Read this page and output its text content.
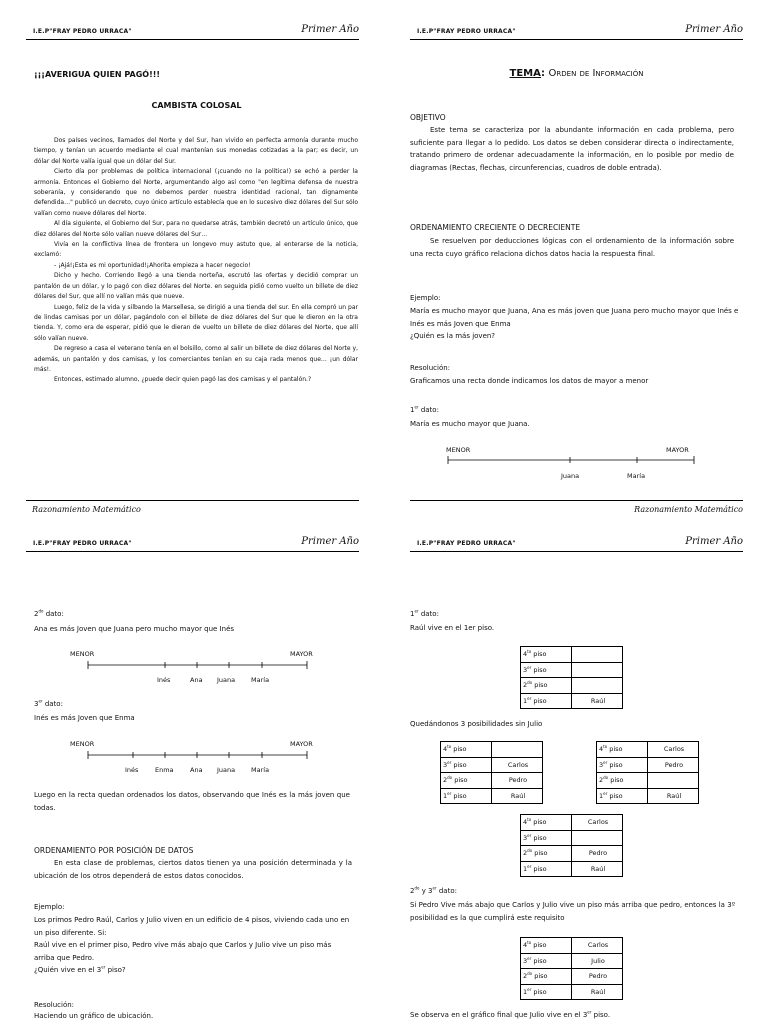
I.E.P"FRAY PEDRO URRACA"	Primer Año
¡¡¡AVERIGUA QUIEN PAGÓ!!!
CAMBISTA COLOSAL

Dos países vecinos, llamados del Norte y del Sur, han vivido en perfecta armonía durante mucho tiempo, y tenían un acuerdo mediante el cual mantenían sus monedas cotizadas a la par; es decir, un dólar del Norte valía igual que un dólar del Sur.

Cierto día por problemas de política internacional (¡cuando no la política!) se echó a perder la armonía. Entonces el Gobierno del Norte, argumentando algo así como "en legítima defensa de nuestra soberanía, y considerando que no debemos perder nuestra identidad racional, tan dignamente defendida…" publicó un decreto, cuyo único artículo establecía que en lo sucesivo diez dólares del Sur sólo valían como nueve dólares del Norte.

Al día siguiente, el Gobierno del Sur, para no quedarse atrás, también decretó un artículo único, que diez dólares del Norte sólo valían nueve dólares del Sur…

Vivía en la conflictiva línea de frontera un longevo muy astuto que, al enterarse de la noticia, exclamó:

- ¡Ajá!¡Esta es mi oportunidad!¡Ahorita empieza a hacer negocio!

Dicho y hecho. Corriendo llegó a una tienda norteña, escrutó las ofertas y decidió comprar un pantalón de un dólar, y lo pagó con diez dólares del Norte. en seguida pidió como vuelto un billete de diez dólares del Sur, que allí no valían más que nueve.

Luego, feliz de la vida y silbando la Marsellesa, se dirigió a una tienda del sur. En ella compró un par de lindas camisas por un dólar, pagándolo con el billete de diez dólares del Sur que le dieron en la otra tienda. Y, como era de esperar, pidió que le dieran de vuelto un billete de diez dólares del Norte, que allí sólo valían nueve.

De regreso a casa el veterano tenía en el bolsillo, como al salir un billete de diez dólares del Norte y, además, un pantalón y dos camisas, y los comerciantes tenían en su caja rada menos que… ¡un dólar más!.

Entonces, estimado alumno, ¿puede decir quien pagó las dos camisas y el pantalón.?

Razonamiento Matemático
I.E.P"FRAY PEDRO URRACA"	Primer Año
TEMA: Orden de Información
OBJETIVO
Este tema se caracteriza por la abundante información en cada problema, pero suficiente para llegar a lo pedido. Los datos se deben considerar directa o indirectamente, tratando primero de ordenar adecuadamente la información, en lo posible por medio de diagramas (Rectas, flechas, circunferencias, cuadros de doble entrada).
ORDENAMIENTO CRECIENTE O DECRECIENTE
Se resuelven por deducciones lógicas con el ordenamiento de la información sobre una recta cuyo gráfico relaciona dichos datos hacia la respuesta final.
Ejemplo:

María es mucho mayor que Juana, Ana es más joven que Juana pero mucho mayor que Inés e Inés es más Joven que Enma

¿Quién es la más joven?

Resolución:
Graficamos una recta donde indicamos los datos de mayor a menor
1er dato:
María es mucho mayor que Juana.
MENOR	MAYOR
Juana	María
Razonamiento Matemático
I.E.P"FRAY PEDRO URRACA"	Primer Año
$2^{do}$ dato:
Ana es más Joven que Juana pero mucho mayor que Inés
MENOR	MAYOR
Inés	Ana Juana María
3er dato:
Inés es más Joven que Enma
MENOR	MAYOR
Inés	Enma	Ana Juana María
Luego en la recta quedan ordenados los datos, observando que Inés es la más joven que todas.
ORDENAMIENTO POR POSICIÓN DE DATOS
En esta clase de problemas, ciertos datos tienen ya una posición determinada y la ubicación de los otros dependerá de estos datos conocidos.
Ejemplo:

Los primos Pedro Raúl, Carlos y Julio viven en un edificio de 4 pisos, viviendo cada uno en un piso diferente. Si:

Raúl vive en el primer piso, Pedro vive más abajo que Carlos y Julio vive un piso más arriba que Pedro.

¿Quién vive en el 3er piso?

Resolución:
Haciendo un gráfico de ubicación.
I.E.P"FRAY PEDRO URRACA"	Primer Año
1er dato:
Raúl vive en el 1er piso.
$4^{to}$ piso	
3er piso	
$2^{do}$ piso	
1er piso	Raúl
Quedándonos 3 posibilidades sin Julio
$4^{to}$ piso	
3er piso	Carlos
$2^{do}$ piso	Pedro
1er piso	Raúl
$4^{to}$ piso	Carlos
3er piso	Pedro
$2^{do}$ piso	
1er piso	Raúl
$4^{to}$ piso	Carlos
3er piso	
$2^{do}$ piso	Pedro
1er piso	Raúl
$2^{do}$ y 3er dato:
Si Pedro Vive más abajo que Carlos y Julio vive un piso más arriba que pedro, entonces la 3º posibilidad es la que cumplirá este requisito
$4^{to}$ piso	Carlos
3er piso	Julio
$2^{do}$ piso	Pedro
1er piso	Raúl
Se observa en el gráfico final que Julio vive en el 3er piso.
